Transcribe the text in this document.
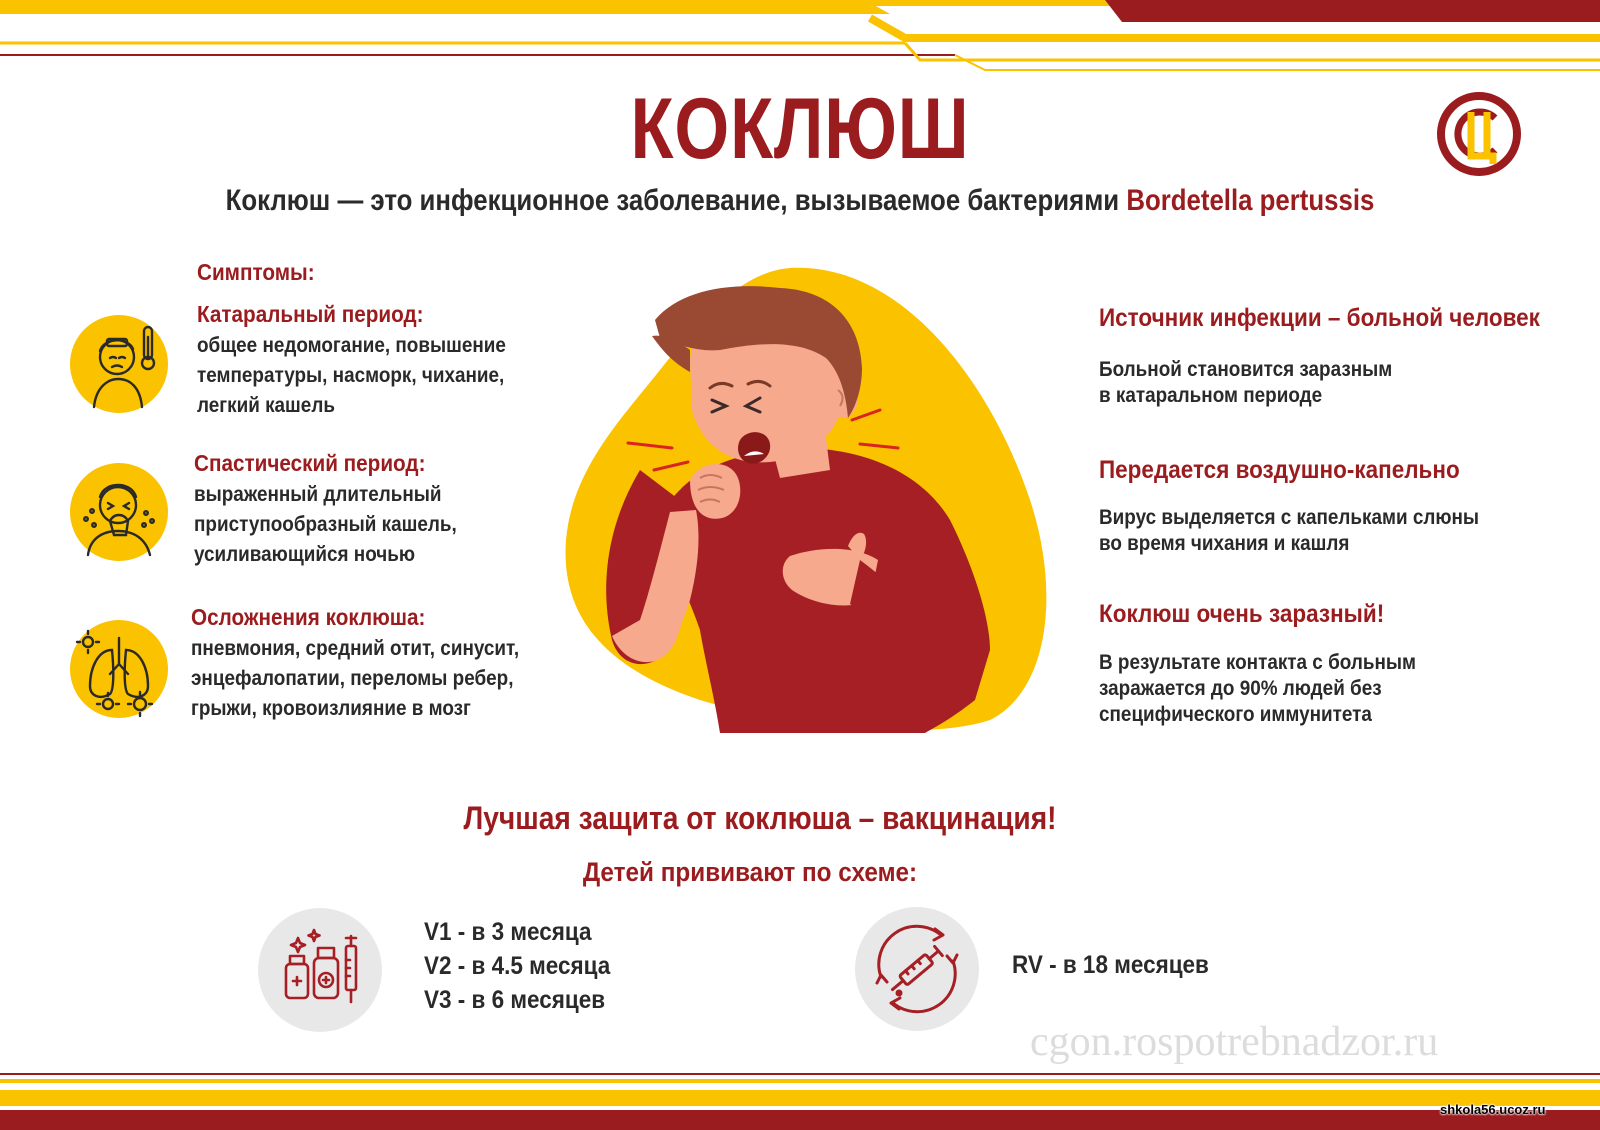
КОКЛЮШ
Коклюш — это инфекционное заболевание, вызываемое бактериями Bordetella pertussis
Симптомы:
Катаральный период:
общее недомогание, повышение
температуры, насморк, чихание,
легкий кашель
Спастический период:
выраженный длительный
приступообразный кашель,
усиливающийся ночью
Осложнения коклюша:
пневмония, средний отит, синусит,
энцефалопатии, переломы ребер,
грыжи, кровоизлияние в мозг
Источник инфекции – больной человек
Больной становится заразным
в катаральном периоде
Передается воздушно-капельно
Вирус выделяется с капельками слюны
во время чихания и кашля
Коклюш очень заразный!
В результате контакта с больным
заражается до 90% людей без
специфического иммунитета
Лучшая защита от коклюша – вакцинация!
Детей прививают по схеме:
V1 - в 3 месяца
V2 - в 4.5 месяца
V3 - в 6 месяцев
RV - в 18 месяцев
cgon.rospotrebnadzor.ru
shkola56.ucoz.ru
